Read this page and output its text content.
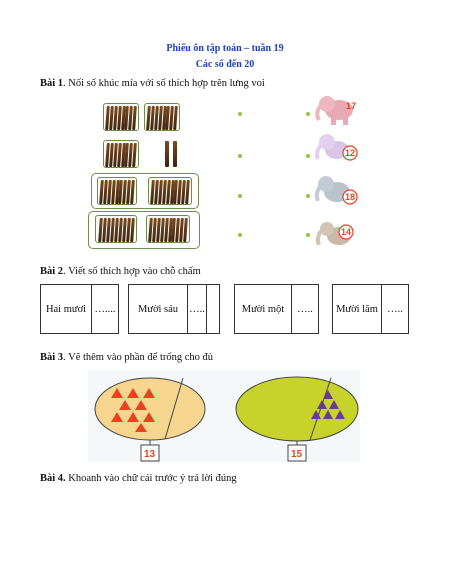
Phiếu ôn tập toán – tuần 19
Các số đến 20
Bài 1. Nối số khúc mía với số thích hợp trên lưng voi
17
12
18
14
Bài 2. Viết số thích hợp vào chỗ chấm
Hai mươi …....	Mười sáu	…..	Mười một	…..	Mười lăm …..
Bài 3. Vẽ thêm vào phần để trống cho đủ
13	15
Bài 4. Khoanh vào chữ cái trước ý trả lời đúng
